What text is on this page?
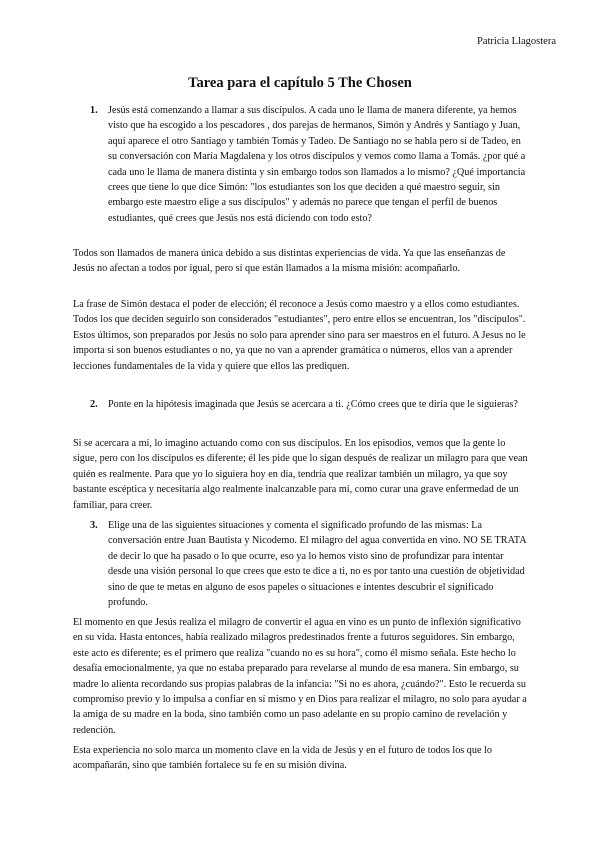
Patricia Llagostera
Tarea para el capítulo 5 The Chosen
1. Jesús está comenzando a llamar a sus discípulos. A cada uno le llama de manera diferente, ya hemos visto que ha escogido a los pescadores , dos parejas de hermanos, Simón y Andrés y Santiago y Juan, aquí aparece el otro Santiago y también Tomás y Tadeo. De Santiago no se habla pero sí de Tadeo, en su conversación con María Magdalena y los otros discípulos y vemos como llama a Tomás. ¿por qué a cada uno le llama de manera distinta y sin embargo todos son llamados a lo mismo? ¿Qué importancia crees que tiene lo que dice Simón: "los estudiantes son los que deciden a qué maestro seguir, sin embargo este maestro elige a sus discípulos" y además no parece que tengan el perfil de buenos estudiantes, qué crees que Jesús nos está diciendo con todo esto?

Todos son llamados de manera única debido a sus distintas experiencias de vida. Ya que las enseñanzas de Jesús no afectan a todos por igual, pero sí que están llamados a la misma misión: acompañarlo.

La frase de Simón destaca el poder de elección; él reconoce a Jesús como maestro y a ellos como estudiantes. Todos los que deciden seguirlo son considerados "estudiantes", pero entre ellos se encuentran, los "discípulos". Estos últimos, son preparados por Jesús no solo para aprender sino para ser maestros en el futuro. A Jesus no le importa si son buenos estudiantes o no, ya que no van a aprender gramática o números, ellos van a aprender lecciones fundamentales de la vida y quiere que ellos las prediquen.

2. Ponte en la hipótesis imaginada que Jesús se acercara a ti. ¿Cómo crees que te diría que le siguieras?

Si se acercara a mí, lo imagino actuando como con sus discípulos. En los episodios, vemos que la gente lo sigue, pero con los discípulos es diferente; él les pide que lo sigan después de realizar un milagro para que vean quién es realmente. Para que yo lo siguiera hoy en día, tendría que realizar también un milagro, ya que soy bastante escéptica y necesitaría algo realmente inalcanzable para mí, como curar una grave enfermedad de un familiar, para creer.

3. Elige una de las siguientes situaciones y comenta el significado profundo de las mismas: La conversación entre Juan Bautista y Nicodemo. El milagro del agua convertida en vino. NO SE TRATA de decir lo que ha pasado o lo que ocurre, eso ya lo hemos visto sino de profundizar para intentar desde una visión personal lo que crees que esto te dice a ti, no es por tanto una cuestión de objetividad sino de que te metas en alguno de esos papeles o situaciones e intentes descubrir el significado profundo.

El momento en que Jesús realiza el milagro de convertir el agua en vino es un punto de inflexión significativo en su vida. Hasta entonces, había realizado milagros predestinados frente a futuros seguidores. Sin embargo, este acto es diferente; es el primero que realiza "cuando no es su hora", como él mismo señala. Este hecho lo desafía emocionalmente, ya que no estaba preparado para revelarse al mundo de esa manera. Sin embargo, su madre lo alienta recordando sus propias palabras de la infancia: "Si no es ahora, ¿cuándo?". Esto le recuerda su compromiso previo y lo impulsa a confiar en sí mismo y en Dios para realizar el milagro, no solo para ayudar a la amiga de su madre en la boda, sino también como un paso adelante en su propio camino de revelación y redención.

Esta experiencia no solo marca un momento clave en la vida de Jesús y en el futuro de todos los que lo acompañarán, sino que también fortalece su fe en su misión divina.
